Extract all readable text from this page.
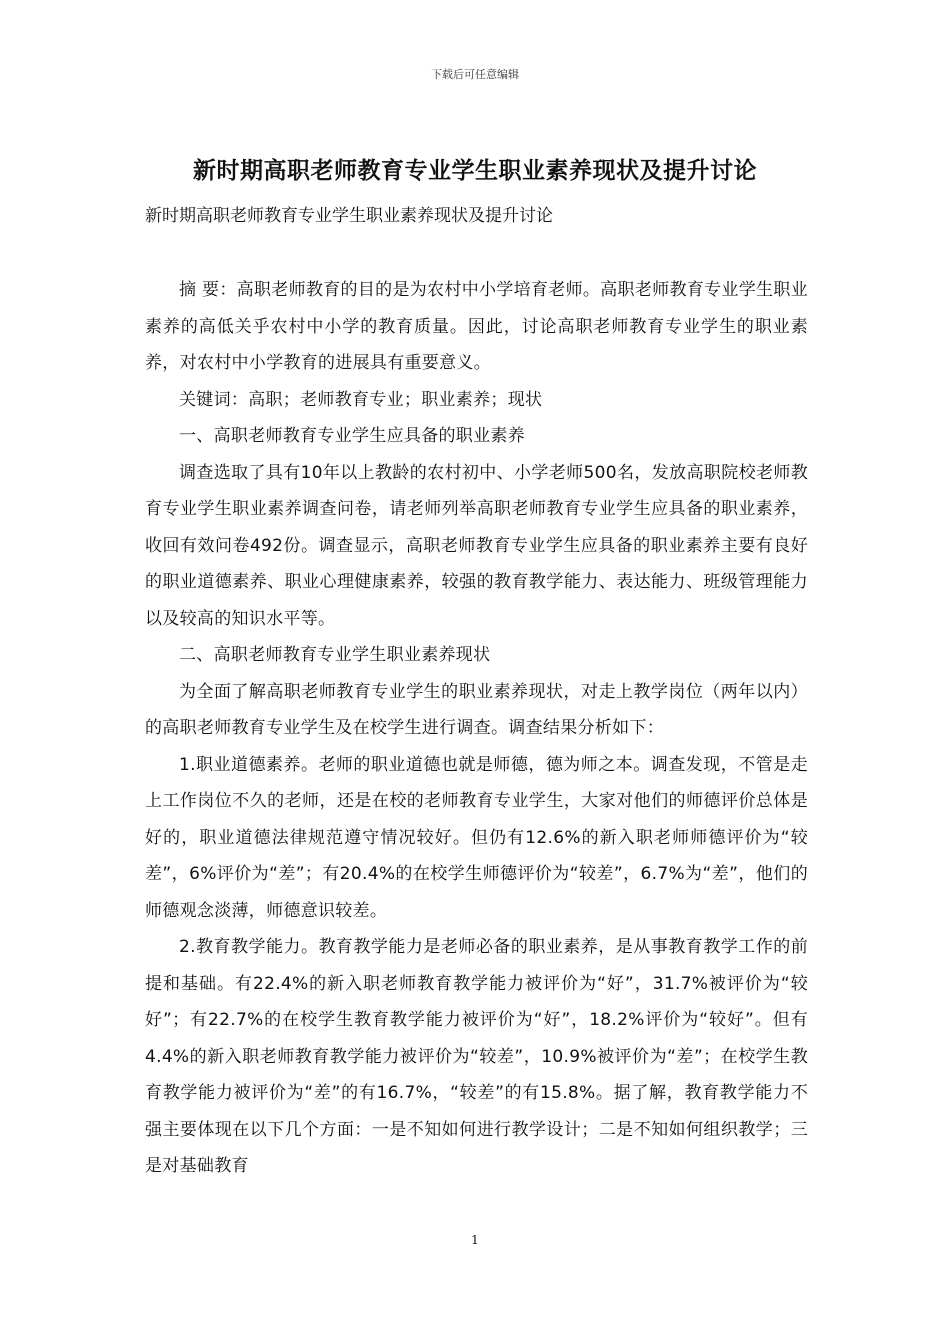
下载后可任意编辑
新时期高职老师教育专业学生职业素养现状及提升讨论
新时期高职老师教育专业学生职业素养现状及提升讨论

摘 要：高职老师教育的目的是为农村中小学培育老师。高职老师教育专业学生职业素养的高低关乎农村中小学的教育质量。因此，讨论高职老师教育专业学生的职业素养，对农村中小学教育的进展具有重要意义。

关键词：高职；老师教育专业；职业素养；现状

一、高职老师教育专业学生应具备的职业素养

调查选取了具有10年以上教龄的农村初中、小学老师500名，发放高职院校老师教育专业学生职业素养调查问卷，请老师列举高职老师教育专业学生应具备的职业素养，收回有效问卷492份。调查显示，高职老师教育专业学生应具备的职业素养主要有良好的职业道德素养、职业心理健康素养，较强的教育教学能力、表达能力、班级管理能力以及较高的知识水平等。

二、高职老师教育专业学生职业素养现状

为全面了解高职老师教育专业学生的职业素养现状，对走上教学岗位（两年以内）的高职老师教育专业学生及在校学生进行调查。调查结果分析如下：

1.职业道德素养。老师的职业道德也就是师德，德为师之本。调查发现，不管是走上工作岗位不久的老师，还是在校的老师教育专业学生，大家对他们的师德评价总体是好的，职业道德法律规范遵守情况较好。但仍有12.6%的新入职老师师德评价为“较差”，6%评价为“差”；有20.4%的在校学生师德评价为“较差”，6.7%为“差”，他们的师德观念淡薄，师德意识较差。

2.教育教学能力。教育教学能力是老师必备的职业素养，是从事教育教学工作的前提和基础。有22.4%的新入职老师教育教学能力被评价为“好”，31.7%被评价为“较好”；有22.7%的在校学生教育教学能力被评价为“好”，18.2%评价为“较好”。但有4.4%的新入职老师教育教学能力被评价为“较差”，10.9%被评价为“差”；在校学生教育教学能力被评价为“差”的有16.7%，“较差”的有15.8%。据了解，教育教学能力不强主要体现在以下几个方面：一是不知如何进行教学设计；二是不知如何组织教学；三是对基础教育

1
